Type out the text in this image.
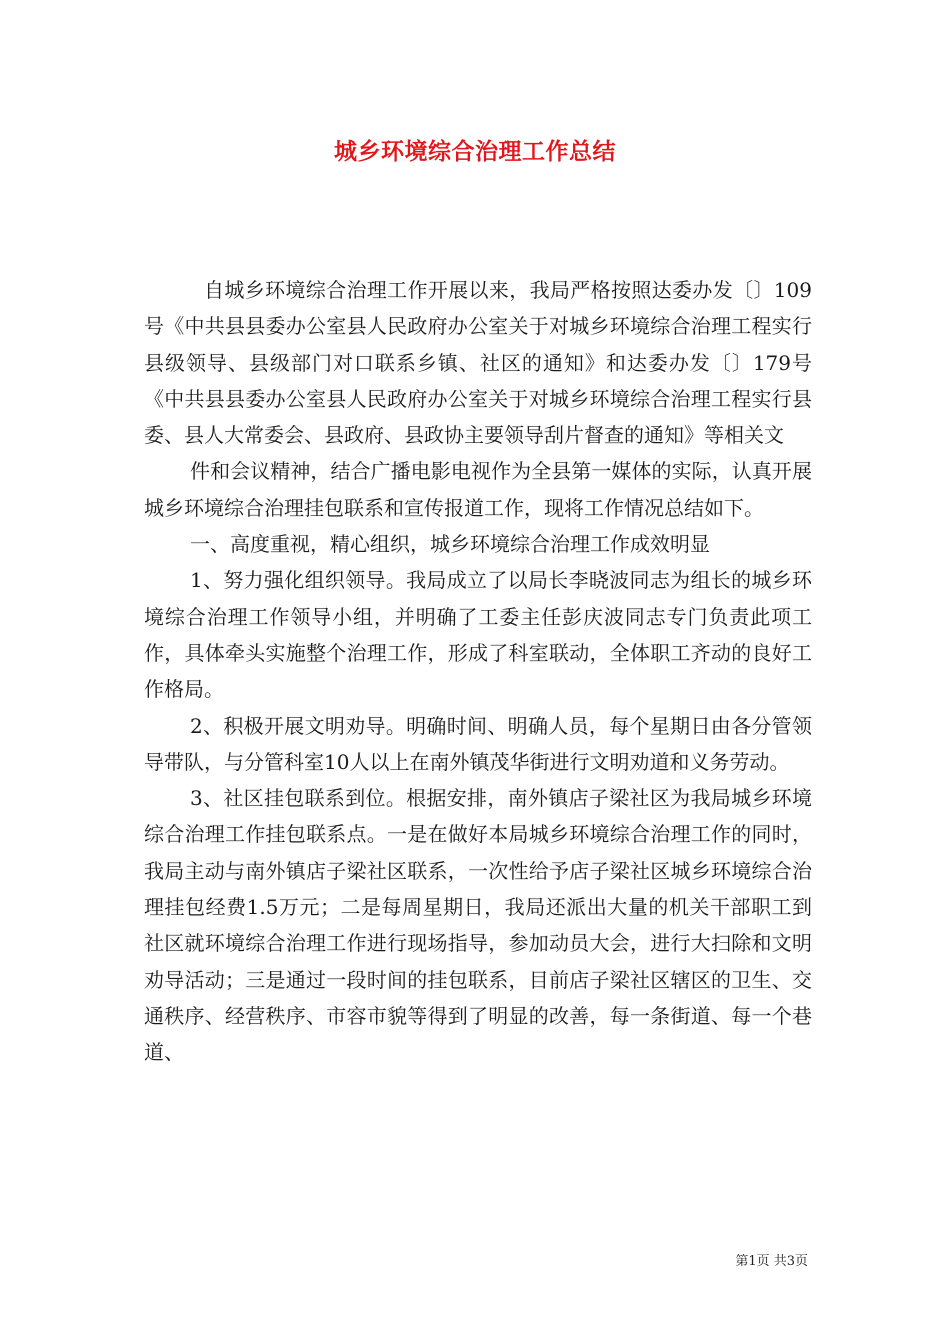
城乡环境综合治理工作总结

自城乡环境综合治理工作开展以来，我局严格按照达委办发〔〕109号《中共县县委办公室县人民政府办公室关于对城乡环境综合治理工程实行县级领导、县级部门对口联系乡镇、社区的通知》和达委办发〔〕179号《中共县县委办公室县人民政府办公室关于对城乡环境综合治理工程实行县委、县人大常委会、县政府、县政协主要领导刮片督查的通知》等相关文

件和会议精神，结合广播电影电视作为全县第一媒体的实际，认真开展城乡环境综合治理挂包联系和宣传报道工作，现将工作情况总结如下。

一、高度重视，精心组织，城乡环境综合治理工作成效明显

1、努力强化组织领导。我局成立了以局长李晓波同志为组长的城乡环境综合治理工作领导小组，并明确了工委主任彭庆波同志专门负责此项工作，具体牵头实施整个治理工作，形成了科室联动，全体职工齐动的良好工作格局。

2、积极开展文明劝导。明确时间、明确人员，每个星期日由各分管领导带队，与分管科室10人以上在南外镇茂华街进行文明劝道和义务劳动。

3、社区挂包联系到位。根据安排，南外镇店子梁社区为我局城乡环境综合治理工作挂包联系点。一是在做好本局城乡环境综合治理工作的同时，我局主动与南外镇店子梁社区联系，一次性给予店子梁社区城乡环境综合治理挂包经费1.5万元；二是每周星期日，我局还派出大量的机关干部职工到社区就环境综合治理工作进行现场指导，参加动员大会，进行大扫除和文明劝导活动；三是通过一段时间的挂包联系，目前店子梁社区辖区的卫生、交通秩序、经营秩序、市容市貌等得到了明显的改善，每一条街道、每一个巷道、

第1页 共3页
